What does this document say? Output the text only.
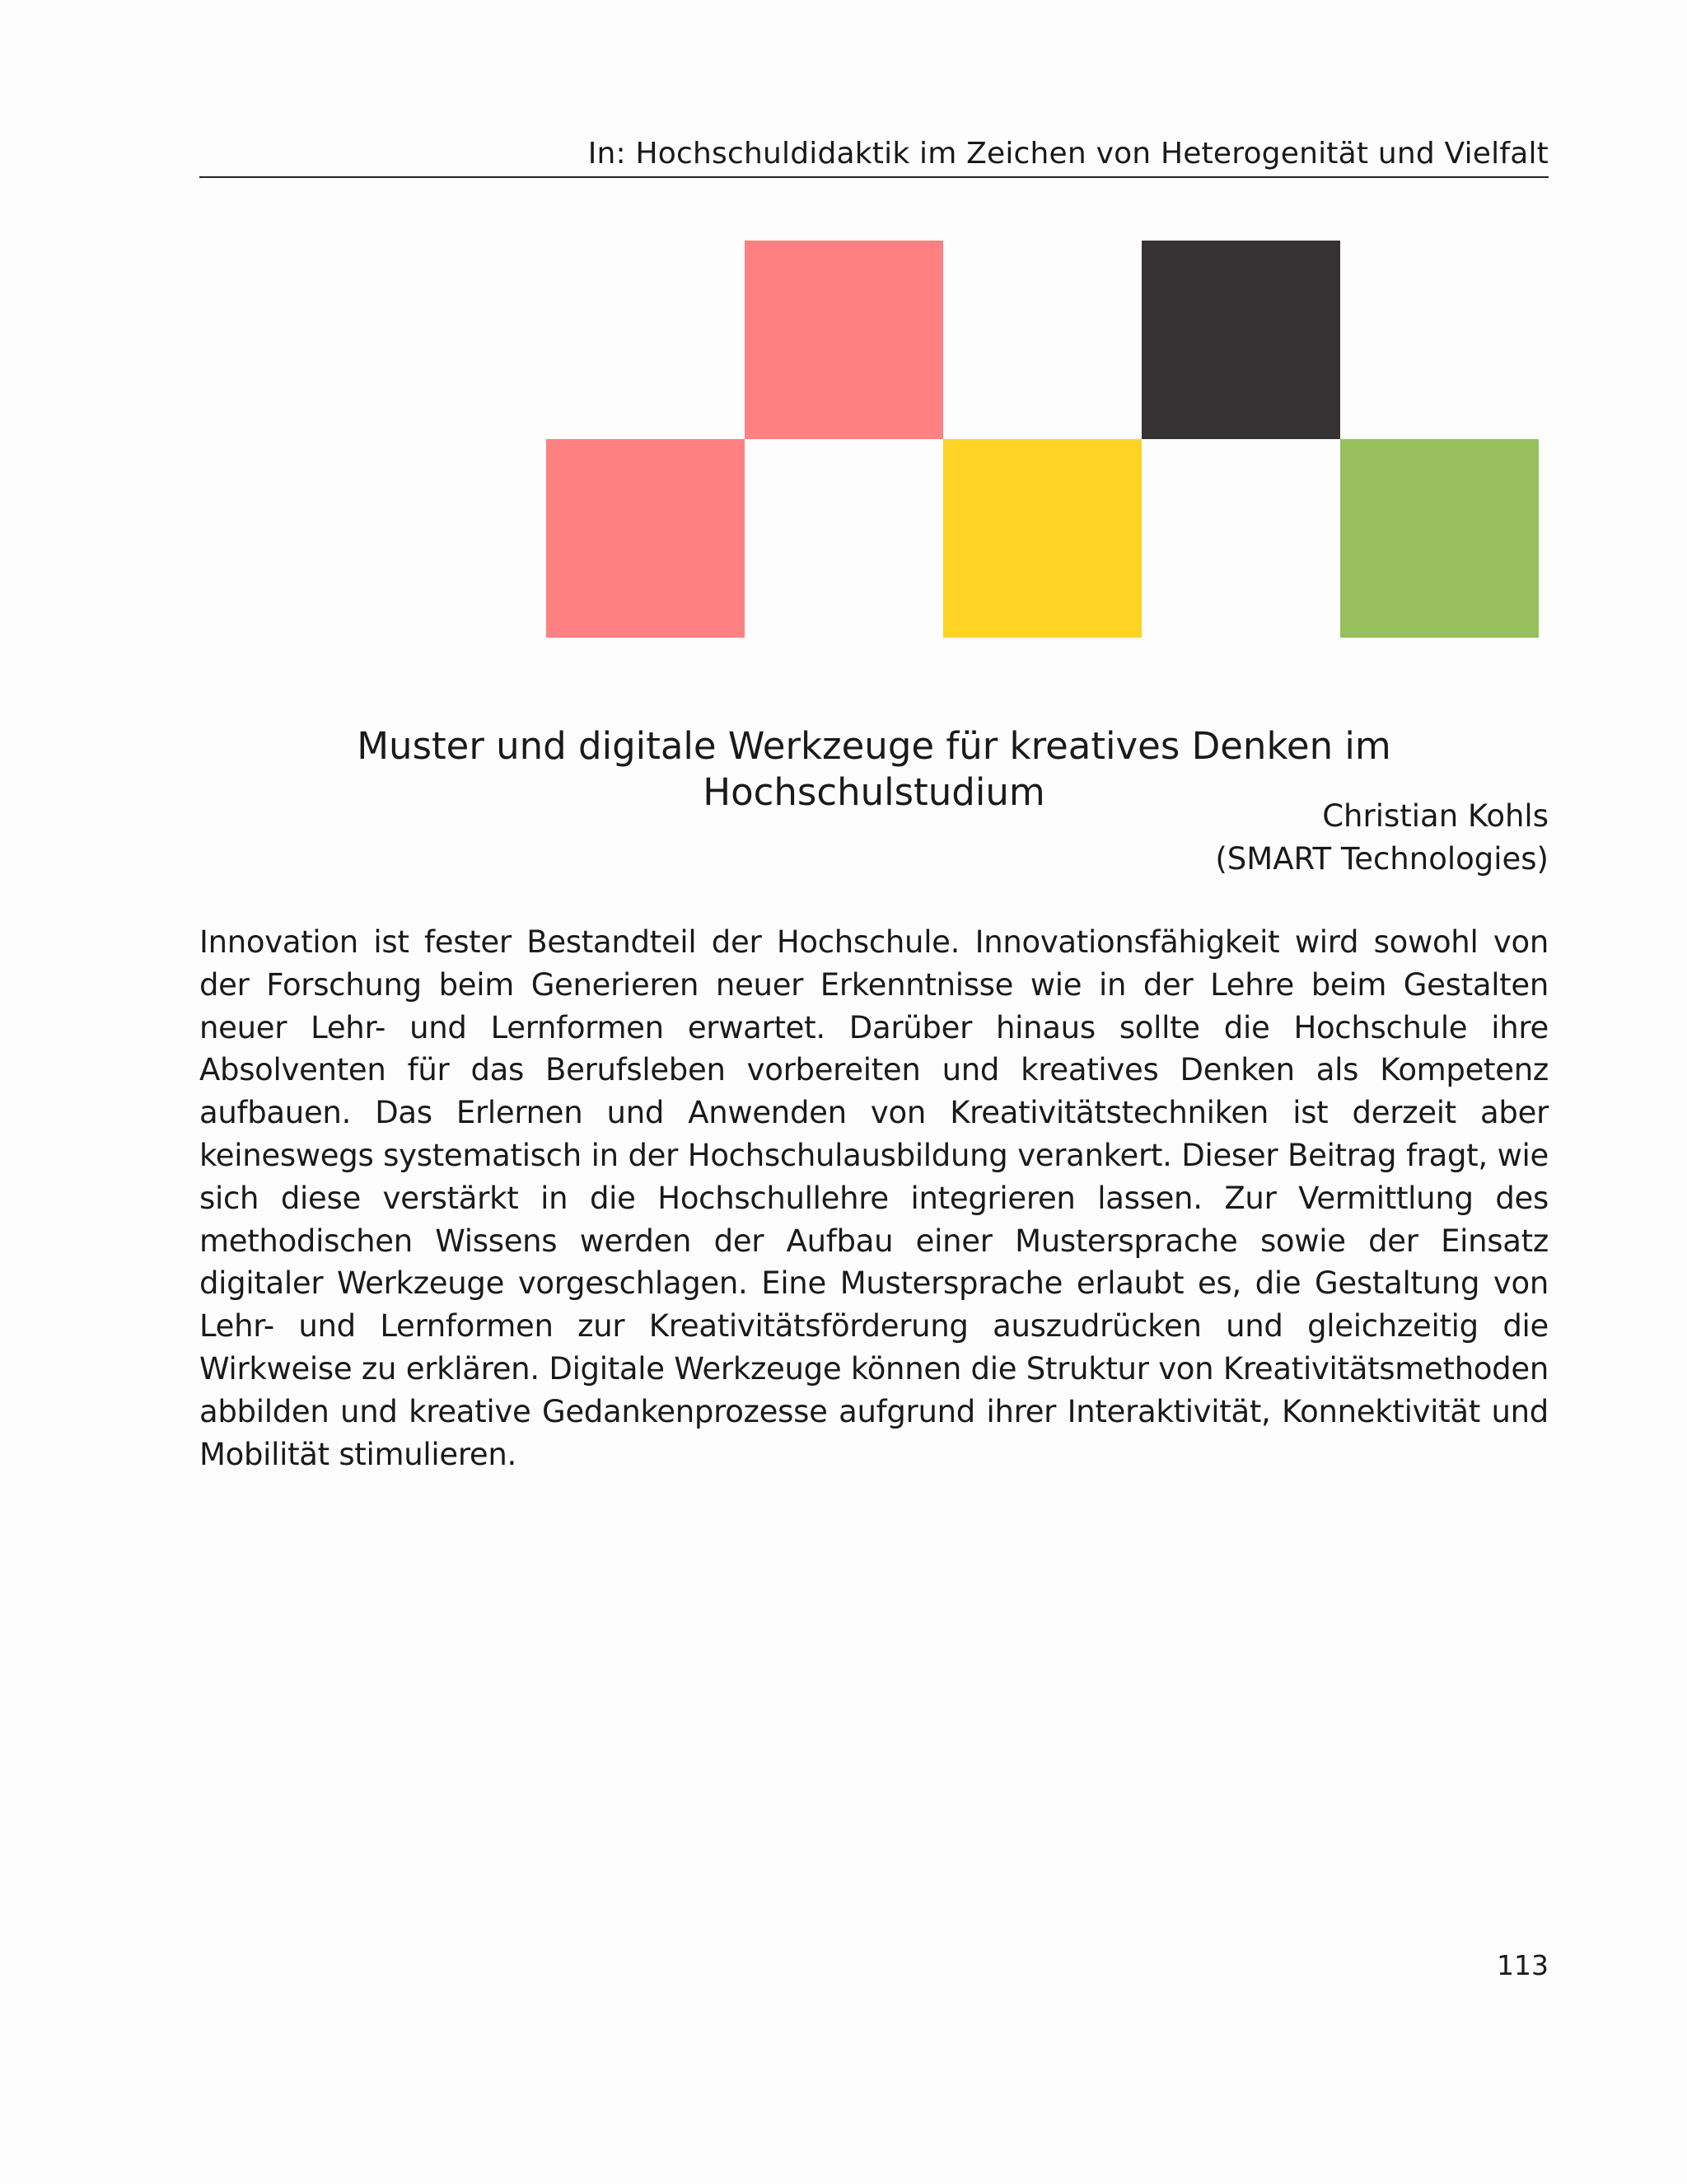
In: Hochschuldidaktik im Zeichen von Heterogenität und Vielfalt
Muster und digitale Werkzeuge für kreatives Denken im Hochschulstudium
Christian Kohls
(SMART Technologies)

Innovation ist fester Bestandteil der Hochschule. Innovationsfähigkeit wird sowohl von der Forschung beim Generieren neuer Erkenntnisse wie in der Lehre beim Gestalten neuer Lehr- und Lernformen erwartet. Darüber hinaus sollte die Hochschule ihre Absolventen für das Berufsleben vorbereiten und kreatives Denken als Kompetenz aufbauen. Das Erlernen und Anwenden von Kreativitätstechniken ist derzeit aber keineswegs systematisch in der Hochschulausbildung verankert. Dieser Beitrag fragt, wie sich diese verstärkt in die Hochschullehre integrieren lassen. Zur Vermittlung des methodischen Wissens werden der Aufbau einer Mustersprache sowie der Einsatz digitaler Werkzeuge vorgeschlagen. Eine Mustersprache erlaubt es, die Gestaltung von Lehr- und Lernformen zur Kreativitätsförderung auszudrücken und gleichzeitig die Wirkweise zu erklären. Digitale Werkzeuge können die Struktur von Kreativitätsmethoden abbilden und kreative Gedankenprozesse aufgrund ihrer Interaktivität, Konnektivität und Mobilität stimulieren.

113
